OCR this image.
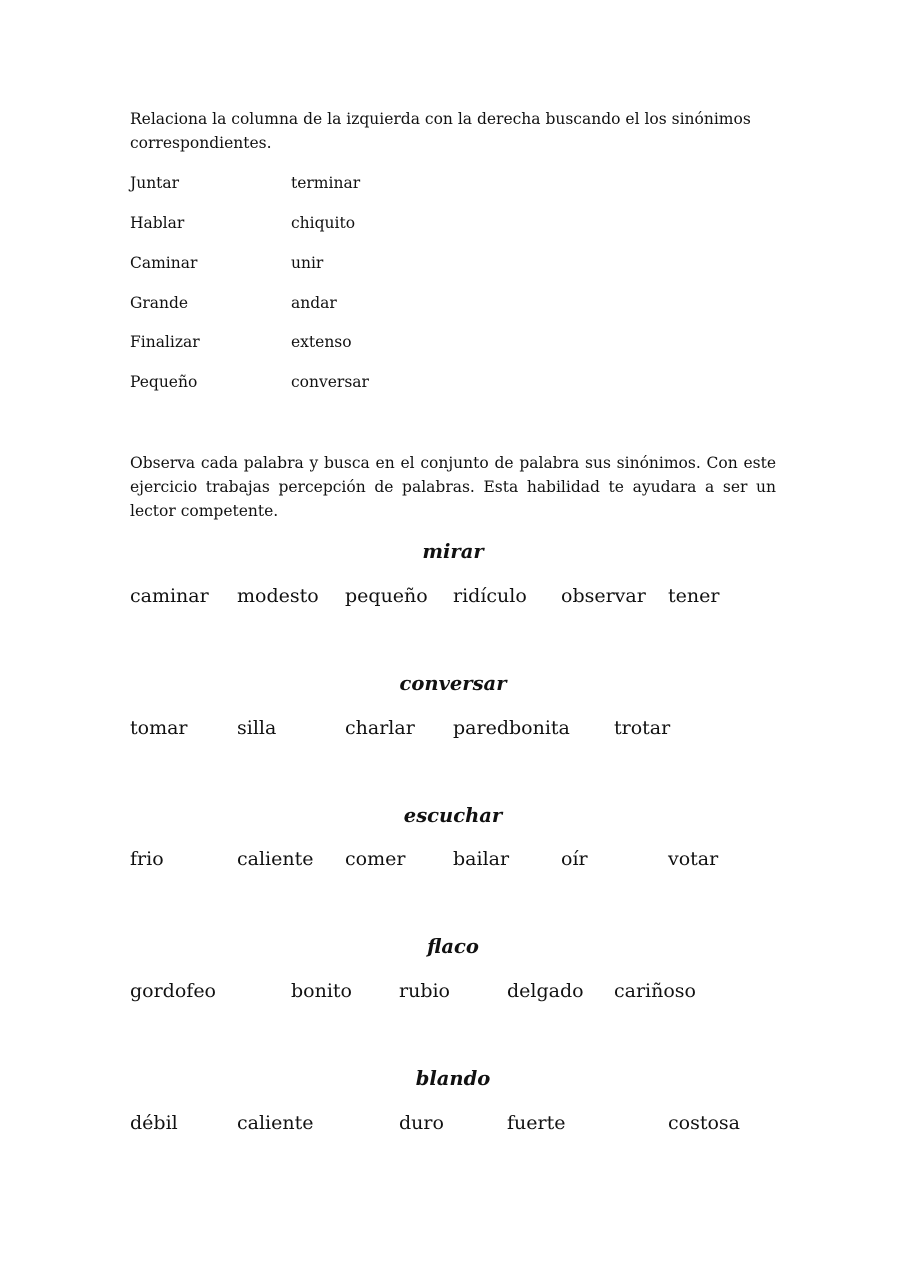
Relaciona la columna de la izquierda con la derecha buscando el los sinónimos correspondientes.

Juntar	terminar
Hablar	chiquito
Caminar	unir
Grande	andar
Finalizar	extenso
Pequeño	conversar

Observa cada palabra y busca en el conjunto de palabra sus sinónimos. Con este ejercicio trabajas percepción de palabras. Esta habilidad te ayudara a ser un lector competente.

mirar
caminar modesto pequeño ridículo observar tener
conversar
tomar	silla	charlar paredbonita trotar
escuchar
frio	caliente comer	bailar	oír	votar
flaco
gordofeo	bonito rubio	delgado cariñoso
blando
débil	caliente	duro	fuerte	costosa
